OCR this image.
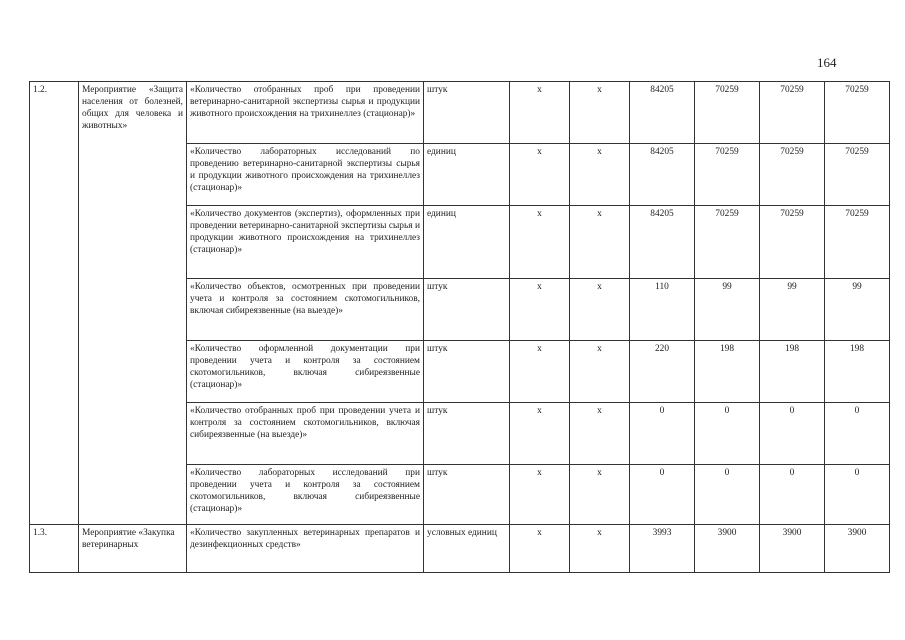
164
1.2.	Мероприятие «Защита населения от болезней, общих для человека и животных»	«Количество отобранных проб при проведении ветеринарно-санитарной экспертизы сырья и продукции животного происхождения на трихинеллез (стационар)»	штук	х	х	84205	70259	70259	70259
		«Количество лабораторных исследований по проведению ветеринарно-санитарной экспертизы сырья и продукции животного происхождения на трихинеллез (стационар)»	единиц	х	х	84205	70259	70259	70259
		«Количество документов (экспертиз), оформленных при проведении ветеринарно-санитарной экспертизы сырья и продукции животного происхождения на трихинеллез (стационар)»	единиц	х	х	84205	70259	70259	70259
		«Количество объектов, осмотренных при проведении учета и контроля за состоянием скотомогильников, включая сибиреязвенные (на выезде)»	штук	х	х	110	99	99	99
		«Количество оформленной документации при проведении учета и контроля за состоянием скотомогильников, включая сибиреязвенные (стационар)»	штук	х	х	220	198	198	198
		«Количество отобранных проб при проведении учета и контроля за состоянием скотомогильников, включая сибиреязвенные (на выезде)»	штук	х	х	0	0	0	0
		«Количество лабораторных исследований при проведении учета и контроля за состоянием скотомогильников, включая сибиреязвенные (стационар)»	штук	х	х	0	0	0	0
1.3.	Мероприятие «Закупка ветеринарных	«Количество закупленных ветеринарных препаратов и дезинфекционных средств»	условных единиц	х	х	3993	3900	3900	3900
